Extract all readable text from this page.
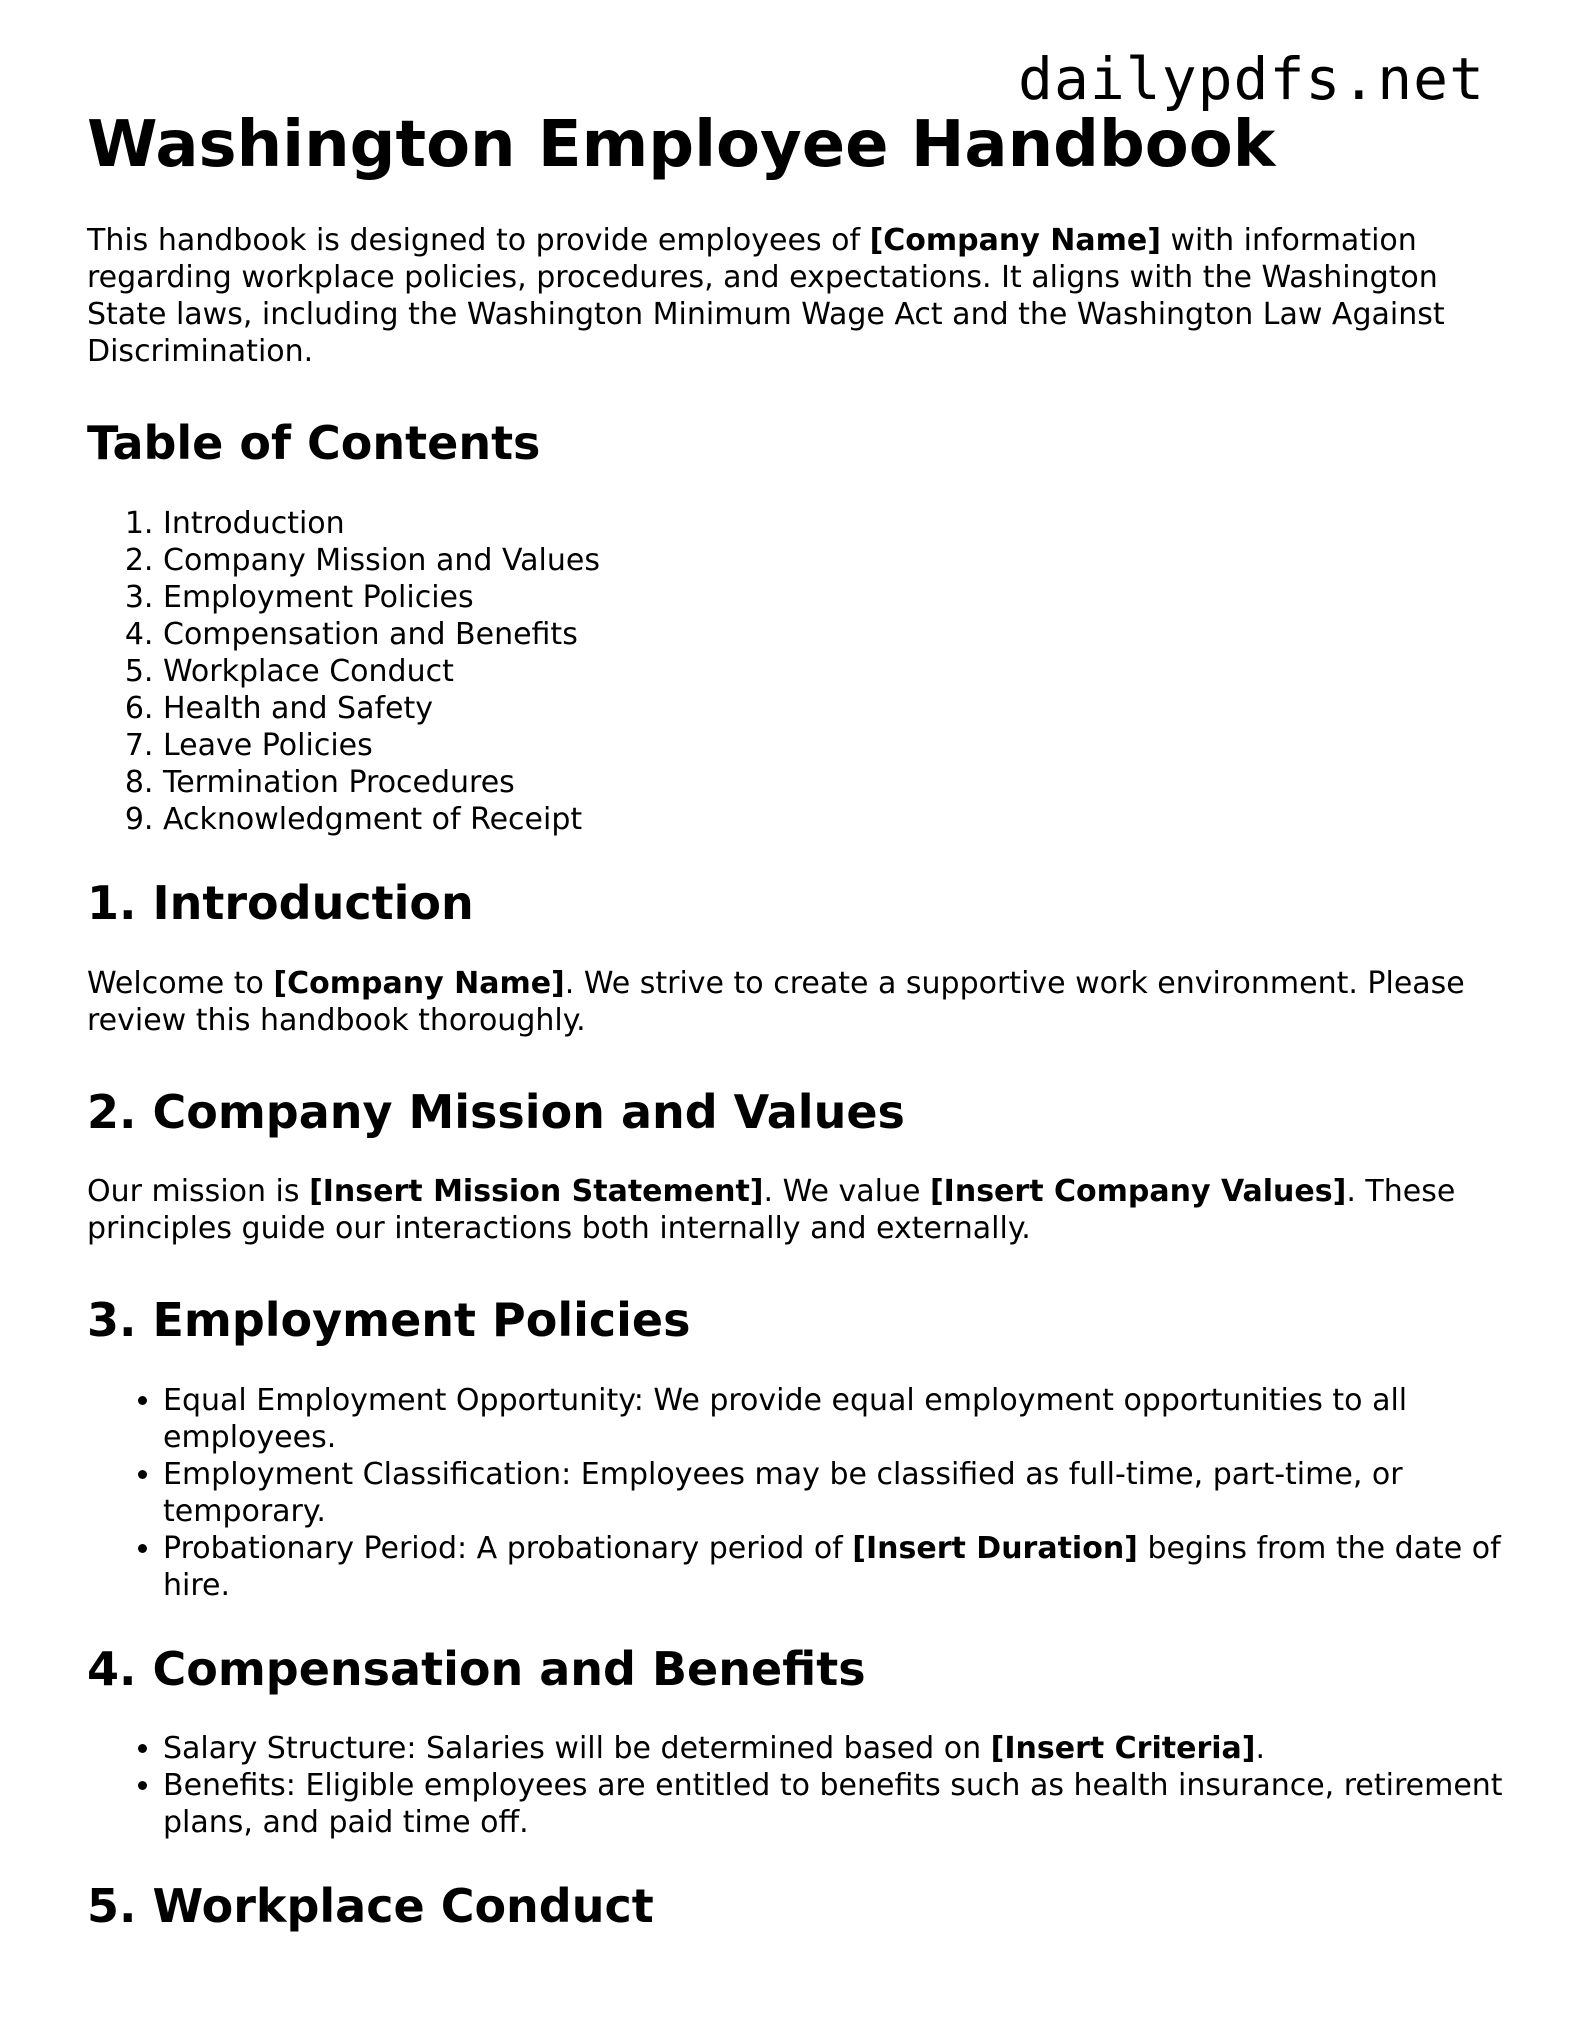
dailypdfs.net
Washington Employee Handbook

This handbook is designed to provide employees of [Company Name] with information regarding workplace policies, procedures, and expectations. It aligns with the Washington State laws, including the Washington Minimum Wage Act and the Washington Law Against Discrimination.

Table of Contents
1. Introduction
2. Company Mission and Values
3. Employment Policies
4. Compensation and Benefits
5. Workplace Conduct
6. Health and Safety
7. Leave Policies
8. Termination Procedures
9. Acknowledgment of Receipt
1. Introduction

Welcome to [Company Name]. We strive to create a supportive work environment. Please review this handbook thoroughly.

2. Company Mission and Values

Our mission is [Insert Mission Statement]. We value [Insert Company Values]. These principles guide our interactions both internally and externally.

3. Employment Policies
• Equal Employment Opportunity: We provide equal employment opportunities to all employees.
• Employment Classification: Employees may be classified as full-time, part-time, or temporary.
• Probationary Period: A probationary period of [Insert Duration] begins from the date of hire.
4. Compensation and Benefits
• Salary Structure: Salaries will be determined based on [Insert Criteria].
• Benefits: Eligible employees are entitled to benefits such as health insurance, retirement plans, and paid time off.
5. Workplace Conduct
